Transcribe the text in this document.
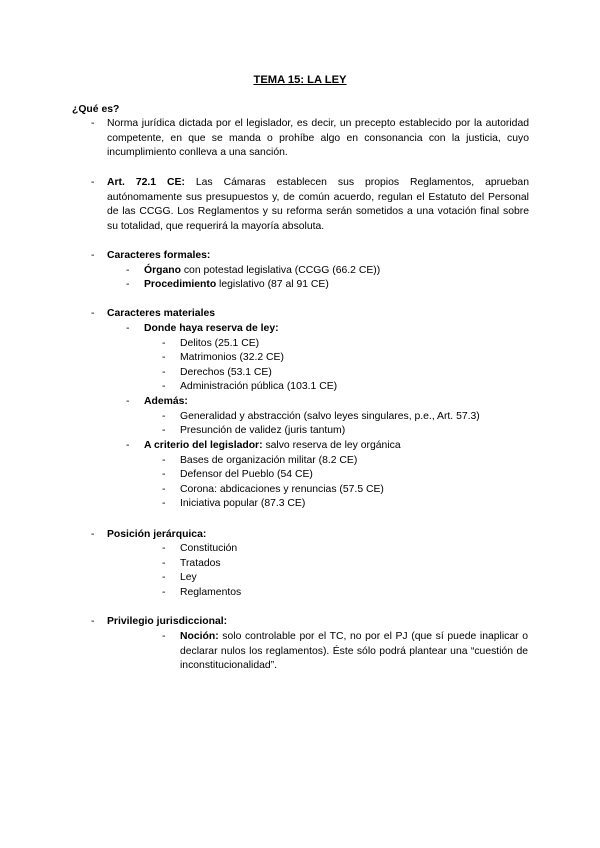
TEMA 15: LA LEY
¿Qué es?
- Norma jurídica dictada por el legislador, es decir, un precepto establecido por la autoridad competente, en que se manda o prohíbe algo en consonancia con la justicia, cuyo incumplimiento conlleva a una sanción.

- Art. 72.1 CE: Las Cámaras establecen sus propios Reglamentos, aprueban autónomamente sus presupuestos y, de común acuerdo, regulan el Estatuto del Personal de las CCGG. Los Reglamentos y su reforma serán sometidos a una votación final sobre su totalidad, que requerirá la mayoría absoluta.

- Caracteres formales:
- Órgano con potestad legislativa (CCGG (66.2 CE))
- Procedimiento legislativo (87 al 91 CE)
- Caracteres materiales
- Donde haya reserva de ley:
- Delitos (25.1 CE)
- Matrimonios (32.2 CE)
- Derechos (53.1 CE)
- Administración pública (103.1 CE)
- Además:
- Generalidad y abstracción (salvo leyes singulares, p.e., Art. 57.3)
- Presunción de validez (juris tantum)
- A criterio del legislador: salvo reserva de ley orgánica
- Bases de organización militar (8.2 CE)
- Defensor del Pueblo (54 CE)
- Corona: abdicaciones y renuncias (57.5 CE)
- Iniciativa popular (87.3 CE)
- Posición jerárquica:
- Constitución
- Tratados
- Ley
- Reglamentos
- Privilegio jurisdiccional:
- Noción: solo controlable por el TC, no por el PJ (que sí puede inaplicar o declarar nulos los reglamentos). Éste sólo podrá plantear una “cuestión de inconstitucionalidad”.
